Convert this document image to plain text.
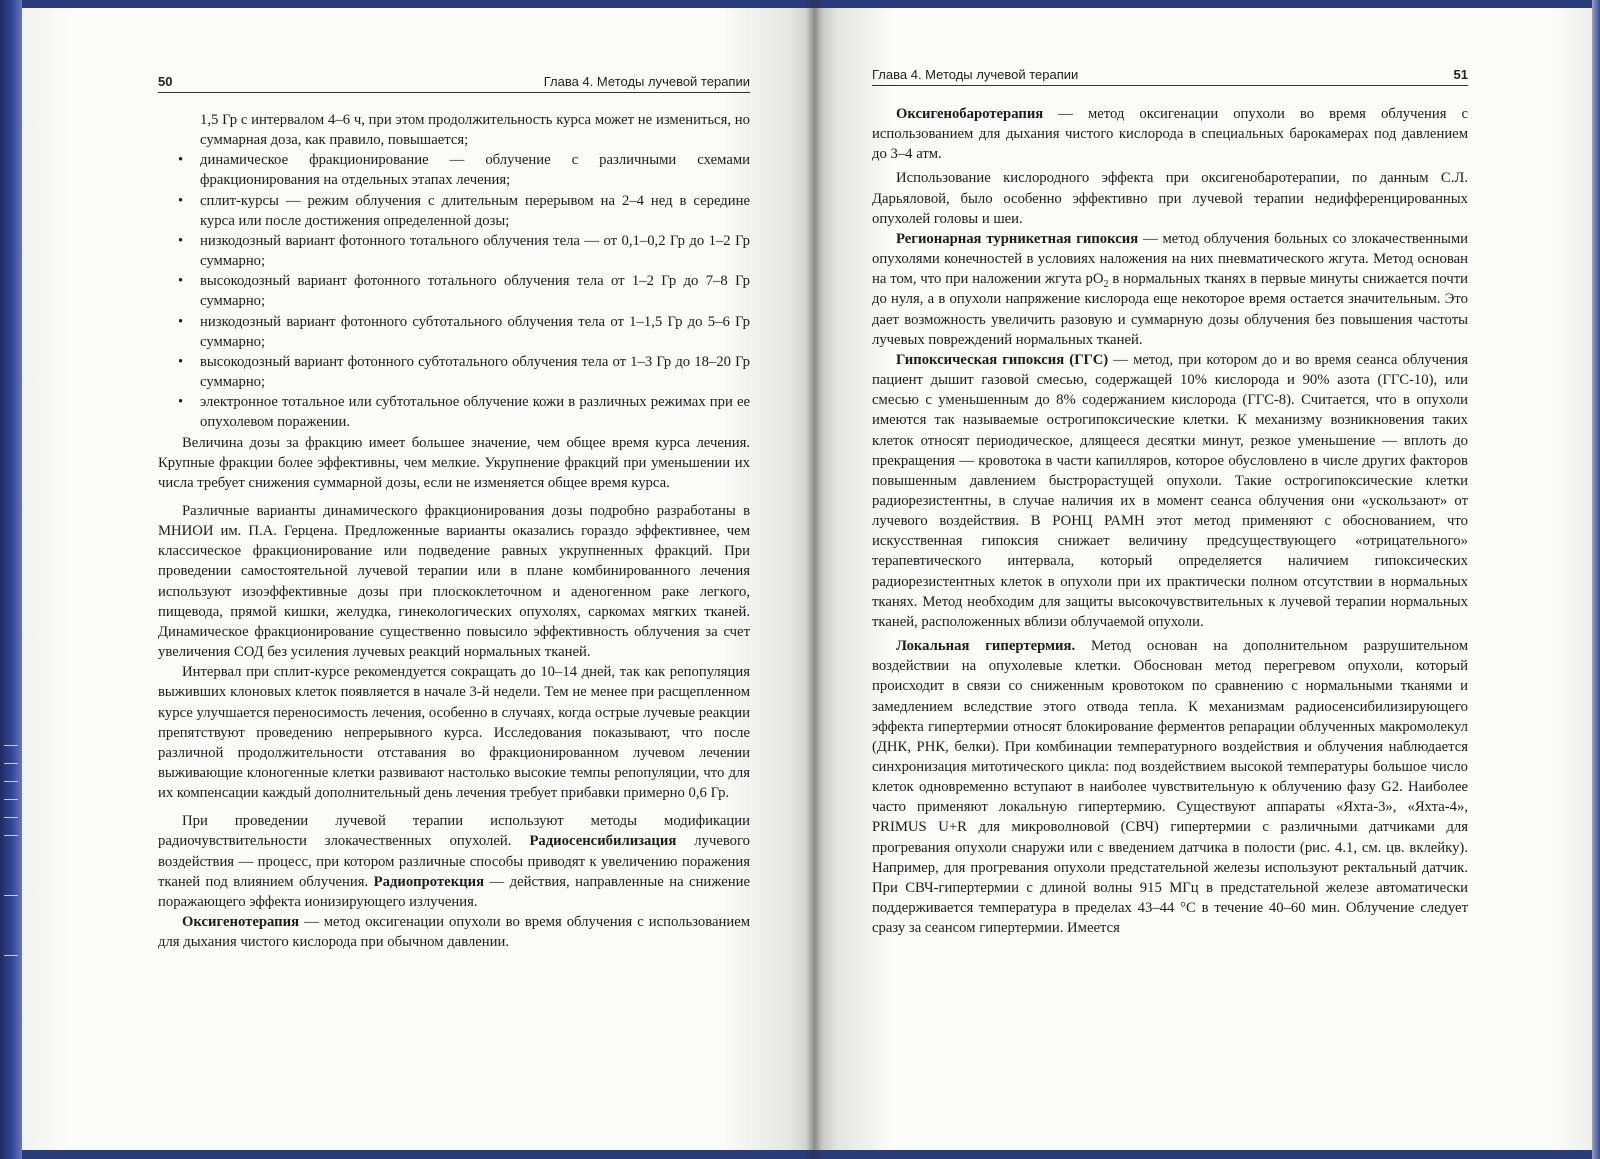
50	Глава 4. Методы лучевой терапии
1,5 Гр с интервалом 4–6 ч, при этом продолжительность курса может не измениться, но суммарная доза, как правило, повышается;
• динамическое фракционирование — облучение с различными схемами фракционирования на отдельных этапах лечения;
• сплит-курсы — режим облучения с длительным перерывом на 2–4 нед в середине курса или после достижения определенной дозы;
• низкодозный вариант фотонного тотального облучения тела — от 0,1–0,2 Гр до 1–2 Гр суммарно;
• высокодозный вариант фотонного тотального облучения тела от 1–2 Гр до 7–8 Гр суммарно;
• низкодозный вариант фотонного субтотального облучения тела от 1–1,5 Гр до 5–6 Гр суммарно;
• высокодозный вариант фотонного субтотального облучения тела от 1–3 Гр до 18–20 Гр суммарно;
• электронное тотальное или субтотальное облучение кожи в различных режимах при ее опухолевом поражении.

Величина дозы за фракцию имеет большее значение, чем общее время курса лечения. Крупные фракции более эффективны, чем мелкие. Укрупнение фракций при уменьшении их числа требует снижения суммарной дозы, если не изменяется общее время курса.

Различные варианты динамического фракционирования дозы подробно разработаны в МНИОИ им. П.А. Герцена. Предложенные варианты оказались гораздо эффективнее, чем классическое фракционирование или подведение равных укрупненных фракций. При проведении самостоятельной лучевой терапии или в плане комбинированного лечения используют изоэффективные дозы при плоскоклеточном и аденогенном раке легкого, пищевода, прямой кишки, желудка, гинекологических опухолях, саркомах мягких тканей. Динамическое фракционирование существенно повысило эффективность облучения за счет увеличения СОД без усиления лучевых реакций нормальных тканей.

Интервал при сплит-курсе рекомендуется сокращать до 10–14 дней, так как репопуляция выживших клоновых клеток появляется в начале 3-й недели. Тем не менее при расщепленном курсе улучшается переносимость лечения, особенно в случаях, когда острые лучевые реакции препятствуют проведению непрерывного курса. Исследования показывают, что после различной продолжительности отставания во фракционированном лучевом лечении выживающие клоногенные клетки развивают настолько высокие темпы репопуляции, что для их компенсации каждый дополнительный день лечения требует прибавки примерно 0,6 Гр.

При проведении лучевой терапии используют методы модификации радиочувствительности злокачественных опухолей. Радиосенсибилизация лучевого воздействия — процесс, при котором различные способы приводят к увеличению поражения тканей под влиянием облучения. Радиопротекция — действия, направленные на снижение поражающего эффекта ионизирующего излучения.

Оксигенотерапия — метод оксигенации опухоли во время облучения с использованием для дыхания чистого кислорода при обычном давлении.

Глава 4. Методы лучевой терапии	51

Оксигенобаротерапия — метод оксигенации опухоли во время облучения с использованием для дыхания чистого кислорода в специальных барокамерах под давлением до 3–4 атм.

Использование кислородного эффекта при оксигенобаротерапии, по данным С.Л. Дарьяловой, было особенно эффективно при лучевой терапии недифференцированных опухолей головы и шеи.

Регионарная турникетная гипоксия — метод облучения больных со злокачественными опухолями конечностей в условиях наложения на них пневматического жгута. Метод основан на том, что при наложении жгута $pO_2$ в нормальных тканях в первые минуты снижается почти до нуля, а в опухоли напряжение кислорода еще некоторое время остается значительным. Это дает возможность увеличить разовую и суммарную дозы облучения без повышения частоты лучевых повреждений нормальных тканей.

Гипоксическая гипоксия (ГГС) — метод, при котором до и во время сеанса облучения пациент дышит газовой смесью, содержащей 10% кислорода и 90% азота (ГГС-10), или смесью с уменьшенным до 8% содержанием кислорода (ГГС-8). Считается, что в опухоли имеются так называемые острогипоксические клетки. К механизму возникновения таких клеток относят периодическое, длящееся десятки минут, резкое уменьшение — вплоть до прекращения — кровотока в части капилляров, которое обусловлено в числе других факторов повышенным давлением быстрорастущей опухоли. Такие острогипоксические клетки радиорезистентны, в случае наличия их в момент сеанса облучения они «ускользают» от лучевого воздействия. В РОНЦ РАМН этот метод применяют с обоснованием, что искусственная гипоксия снижает величину предсуществующего «отрицательного» терапевтического интервала, который определяется наличием гипоксических радиорезистентных клеток в опухоли при их практически полном отсутствии в нормальных тканях. Метод необходим для защиты высокочувствительных к лучевой терапии нормальных тканей, расположенных вблизи облучаемой опухоли.

Локальная гипертермия. Метод основан на дополнительном разрушительном воздействии на опухолевые клетки. Обоснован метод перегревом опухоли, который происходит в связи со сниженным кровотоком по сравнению с нормальными тканями и замедлением вследствие этого отвода тепла. К механизмам радиосенсибилизирующего эффекта гипертермии относят блокирование ферментов репарации облученных макромолекул (ДНК, РНК, белки). При комбинации температурного воздействия и облучения наблюдается синхронизация митотического цикла: под воздействием высокой температуры большое число клеток одновременно вступают в наиболее чувствительную к облучению фазу G2. Наиболее часто применяют локальную гипертермию. Существуют аппараты «Яхта-3», «Яхта-4», PRIMUS U+R для микроволновой (СВЧ) гипертермии с различными датчиками для прогревания опухоли снаружи или с введением датчика в полости (рис. 4.1, см. цв. вклейку). Например, для прогревания опухоли предстательной железы используют ректальный датчик. При СВЧ-гипертермии с длиной волны 915 МГц в предстательной железе автоматически поддерживается температура в пределах 43–44 °С в течение 40–60 мин. Облучение следует сразу за сеансом гипертермии. Имеется
